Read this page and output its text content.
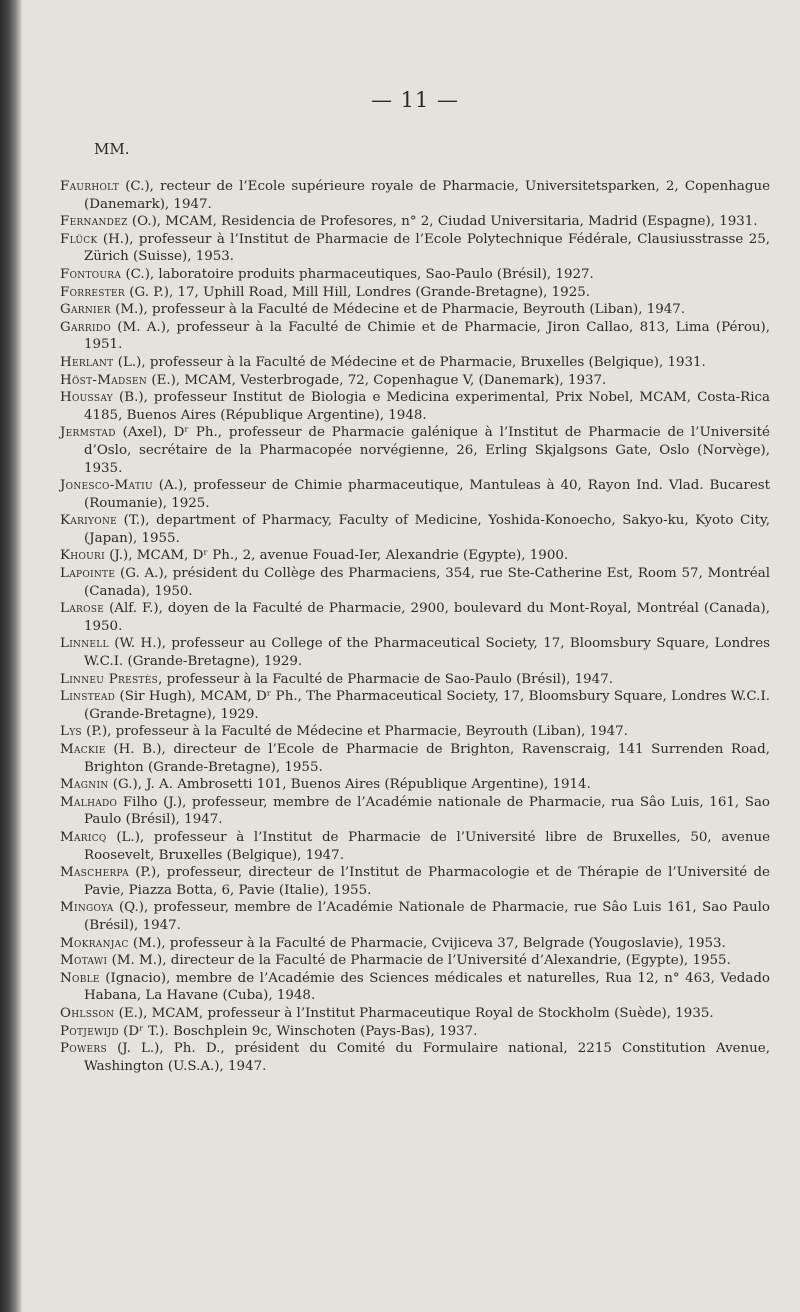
— 11 —
MM.
Faurholt (C.), recteur de l’Ecole supérieure royale de Pharmacie, Universitetsparken, 2, Copenhague (Danemark), 1947.
Fernandez (O.), MCAM, Residencia de Profesores, n° 2, Ciudad Universitaria, Madrid (Espagne), 1931.
Flück (H.), professeur à l’Institut de Pharmacie de l’Ecole Polytechnique Fédérale, Clausiusstrasse 25, Zürich (Suisse), 1953.
Fontoura (C.), laboratoire produits pharmaceutiques, Sao-Paulo (Brésil), 1927.
Forrester (G. P.), 17, Uphill Road, Mill Hill, Londres (Grande-Bretagne), 1925.
Garnier (M.), professeur à la Faculté de Médecine et de Pharmacie, Beyrouth (Liban), 1947.
Garrido (M. A.), professeur à la Faculté de Chimie et de Pharmacie, Jiron Callao, 813, Lima (Pérou), 1951.
Herlant (L.), professeur à la Faculté de Médecine et de Pharmacie, Bruxelles (Belgique), 1931.
Höst-Madsen (E.), MCAM, Vesterbrogade, 72, Copenhague V, (Danemark), 1937.
Houssay (B.), professeur Institut de Biologia e Medicina experimental, Prix Nobel, MCAM, Costa-Rica 4185, Buenos Aires (République Argentine), 1948.
Jermstad (Axel), Dʳ Ph., professeur de Pharmacie galénique à l’Institut de Pharmacie de l’Université d’Oslo, secrétaire de la Pharmacopée norvégienne, 26, Erling Skjalgsons Gate, Oslo (Norvège), 1935.
Jonesco-Matiu (A.), professeur de Chimie pharmaceutique, Mantuleas à 40, Rayon Ind. Vlad. Bucarest (Roumanie), 1925.
Kariyone (T.), department of Pharmacy, Faculty of Medicine, Yoshida-Konoecho, Sakyo-ku, Kyoto City, (Japan), 1955.
Khouri (J.), MCAM, Dʳ Ph., 2, avenue Fouad-Ier, Alexandrie (Egypte), 1900.
Lapointe (G. A.), président du Collège des Pharmaciens, 354, rue Ste-Catherine Est, Room 57, Montréal (Canada), 1950.
Larose (Alf. F.), doyen de la Faculté de Pharmacie, 2900, boulevard du Mont-Royal, Montréal (Canada), 1950.
Linnell (W. H.), professeur au College of the Pharmaceutical Society, 17, Bloomsbury Square, Londres W.C.I. (Grande-Bretagne), 1929.
Linneu Prestès, professeur à la Faculté de Pharmacie de Sao-Paulo (Brésil), 1947.
Linstead (Sir Hugh), MCAM, Dʳ Ph., The Pharmaceutical Society, 17, Bloomsbury Square, Londres W.C.I. (Grande-Bretagne), 1929.
Lys (P.), professeur à la Faculté de Médecine et Pharmacie, Beyrouth (Liban), 1947.
Mackie (H. B.), directeur de l’Ecole de Pharmacie de Brighton, Ravenscraig, 141 Surrenden Road, Brighton (Grande-Bretagne), 1955.
Magnin (G.), J. A. Ambrosetti 101, Buenos Aires (République Argentine), 1914.
Malhado Filho (J.), professeur, membre de l’Académie nationale de Pharmacie, rua Sâo Luis, 161, Sao Paulo (Brésil), 1947.
Maricq (L.), professeur à l’Institut de Pharmacie de l’Université libre de Bruxelles, 50, avenue Roosevelt, Bruxelles (Belgique), 1947.
Mascherpa (P.), professeur, directeur de l’Institut de Pharmacologie et de Thérapie de l’Université de Pavie, Piazza Botta, 6, Pavie (Italie), 1955.
Mingoya (Q.), professeur, membre de l’Académie Nationale de Pharmacie, rue Sâo Luis 161, Sao Paulo (Brésil), 1947.
Mokranjac (M.), professeur à la Faculté de Pharmacie, Cvijiceva 37, Belgrade (Yougoslavie), 1953.
Motawi (M. M.), directeur de la Faculté de Pharmacie de l’Université d’Alexandrie, (Egypte), 1955.
Noble (Ignacio), membre de l’Académie des Sciences médicales et naturelles, Rua 12, n° 463, Vedado Habana, La Havane (Cuba), 1948.
Ohlsson (E.), MCAM, professeur à l’Institut Pharmaceutique Royal de Stockholm (Suède), 1935.
Potjewijd (Dʳ T.). Boschplein 9c, Winschoten (Pays-Bas), 1937.
Powers (J. L.), Ph. D., président du Comité du Formulaire national, 2215 Constitution Avenue, Washington (U.S.A.), 1947.
